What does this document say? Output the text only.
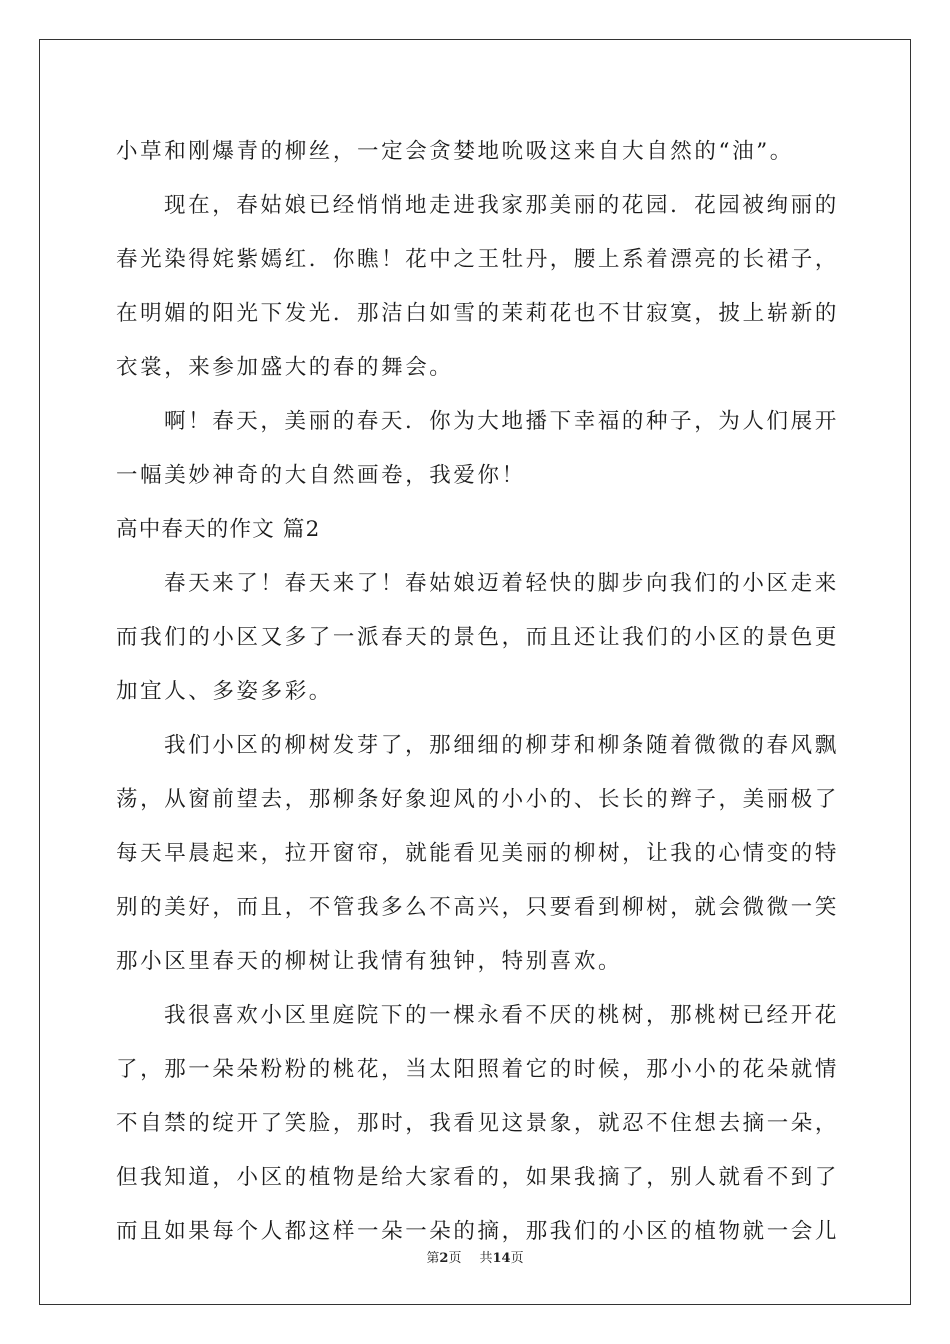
小草和刚爆青的柳丝，一定会贪婪地吮吸这来自大自然的“油”。
现在，春姑娘已经悄悄地走进我家那美丽的花园．花园被绚丽的
春光染得姹紫嫣红．你瞧！花中之王牡丹，腰上系着漂亮的长裙子，
在明媚的阳光下发光．那洁白如雪的茉莉花也不甘寂寞，披上崭新的
衣裳，来参加盛大的春的舞会。
啊！春天，美丽的春天．你为大地播下幸福的种子，为人们展开
一幅美妙神奇的大自然画卷，我爱你！
高中春天的作文 篇2
春天来了！春天来了！春姑娘迈着轻快的脚步向我们的小区走来
而我们的小区又多了一派春天的景色，而且还让我们的小区的景色更
加宜人、多姿多彩。
我们小区的柳树发芽了，那细细的柳芽和柳条随着微微的春风飘
荡，从窗前望去，那柳条好象迎风的小小的、长长的辫子，美丽极了
每天早晨起来，拉开窗帘，就能看见美丽的柳树，让我的心情变的特
别的美好，而且，不管我多么不高兴，只要看到柳树，就会微微一笑
那小区里春天的柳树让我情有独钟，特别喜欢。
我很喜欢小区里庭院下的一棵永看不厌的桃树，那桃树已经开花
了，那一朵朵粉粉的桃花，当太阳照着它的时候，那小小的花朵就情
不自禁的绽开了笑脸，那时，我看见这景象，就忍不住想去摘一朵，
但我知道，小区的植物是给大家看的，如果我摘了，别人就看不到了
而且如果每个人都这样一朵一朵的摘，那我们的小区的植物就一会儿
第2页 共14页
